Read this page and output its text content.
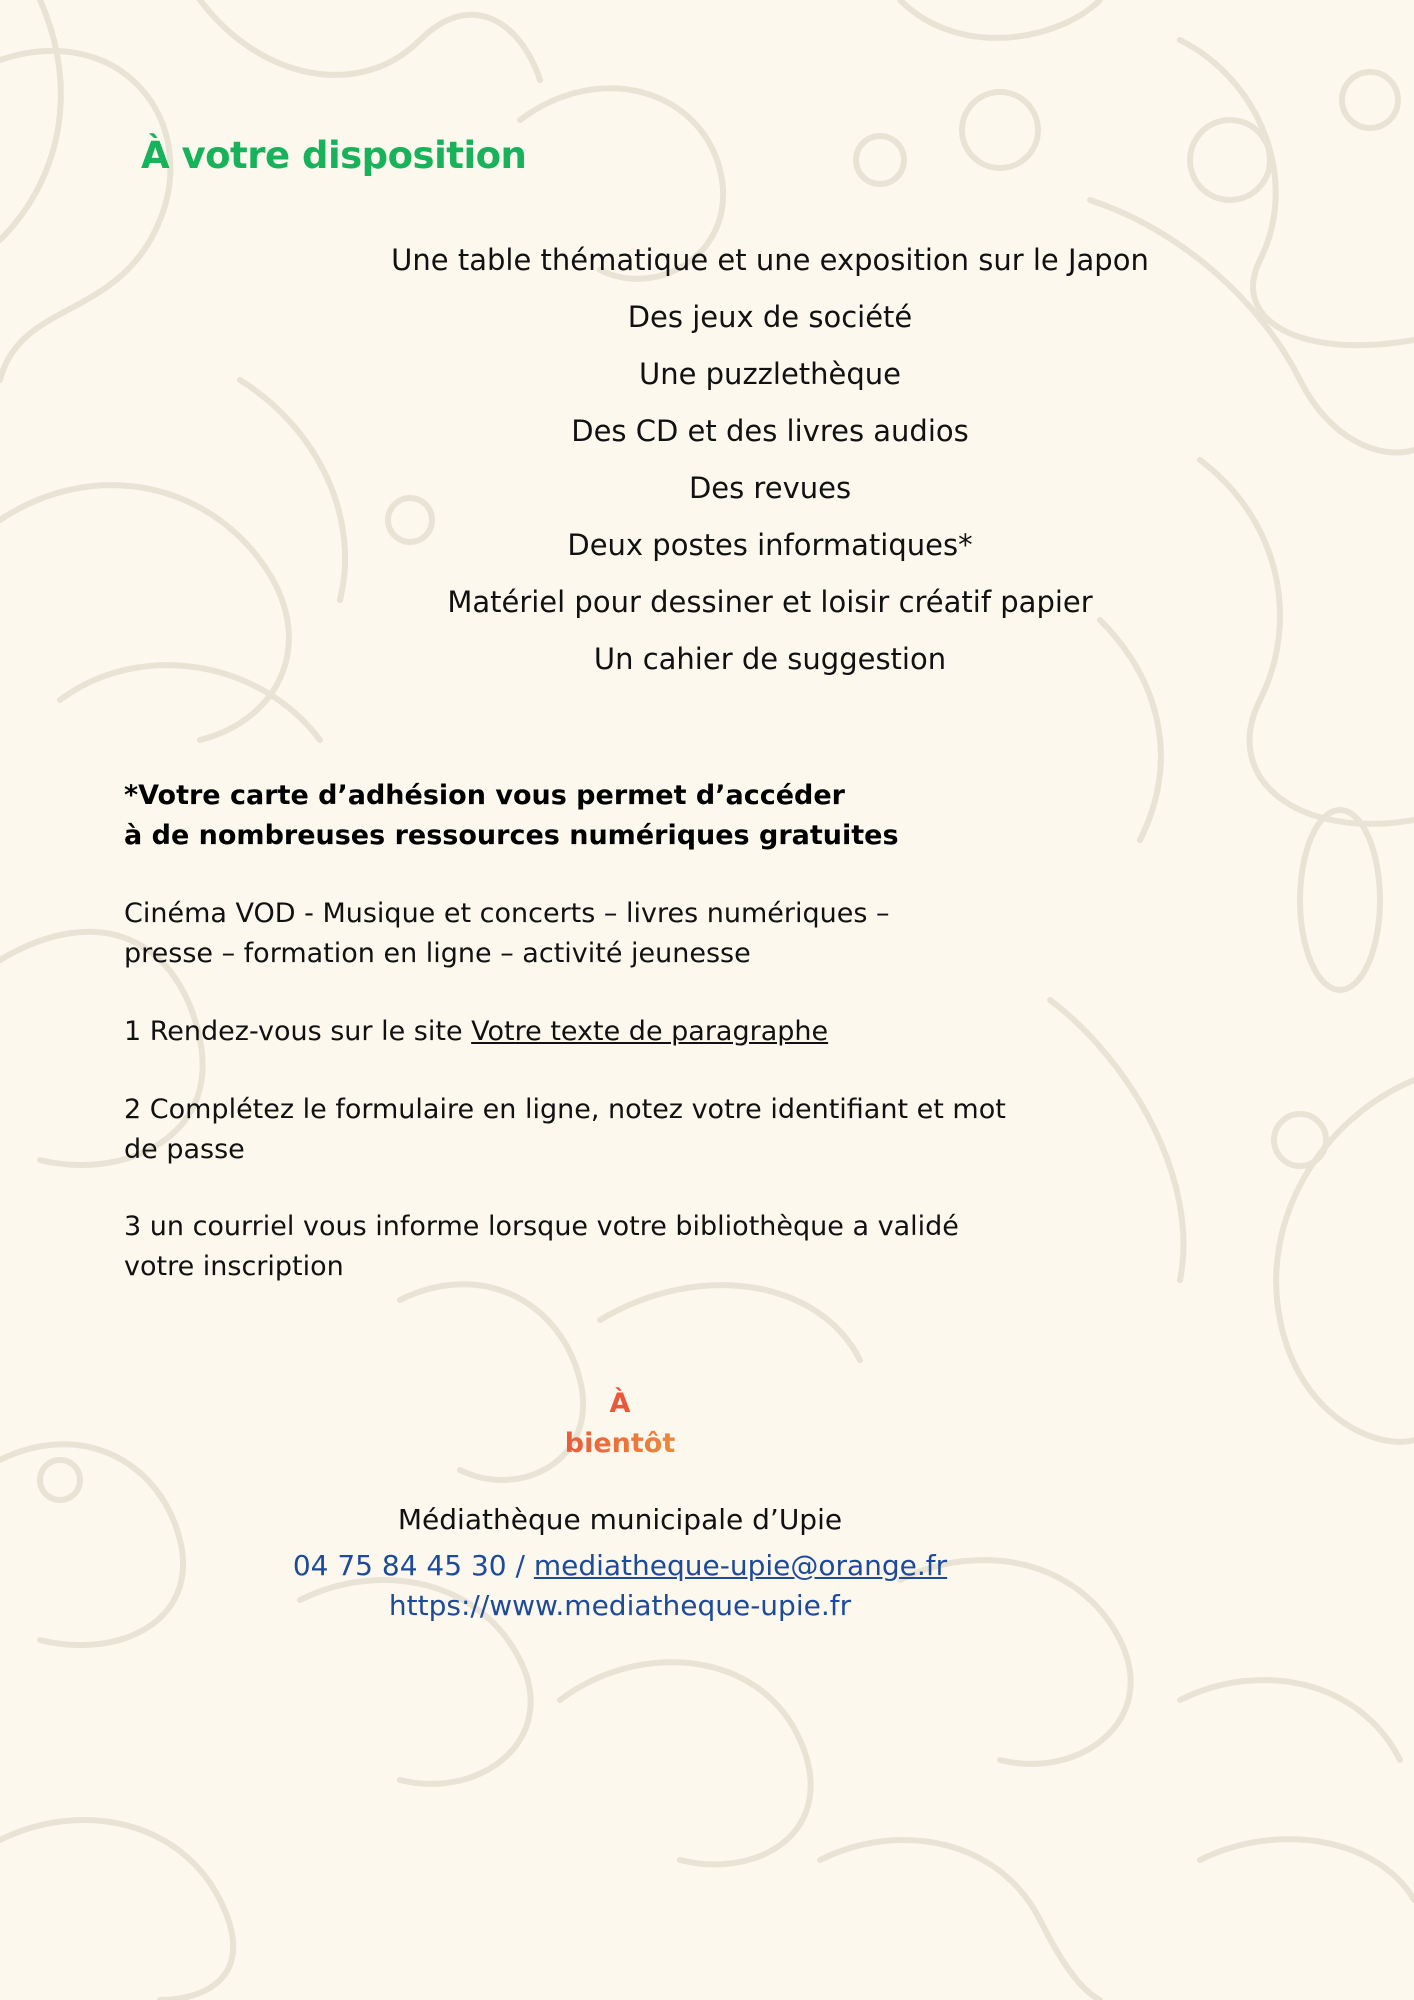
À votre disposition
Une table thématique et une exposition sur le Japon
Des jeux de société
Une puzzlethèque
Des CD et des livres audios
Des revues
Deux postes informatiques*
Matériel pour dessiner et loisir créatif papier
Un cahier de suggestion
*Votre carte d’adhésion vous permet d’accéder
à de nombreuses ressources numériques gratuites
Cinéma VOD - Musique et concerts – livres numériques –
presse – formation en ligne – activité jeunesse
1 Rendez-vous sur le site Votre texte de paragraphe
2 Complétez le formulaire en ligne, notez votre identifiant et mot
de passe
3 un courriel vous informe lorsque votre bibliothèque a validé
votre inscription
À
bientôt
Médiathèque municipale d’Upie
04 75 84 45 30 / mediatheque-upie@orange.fr
https://www.mediatheque-upie.fr
